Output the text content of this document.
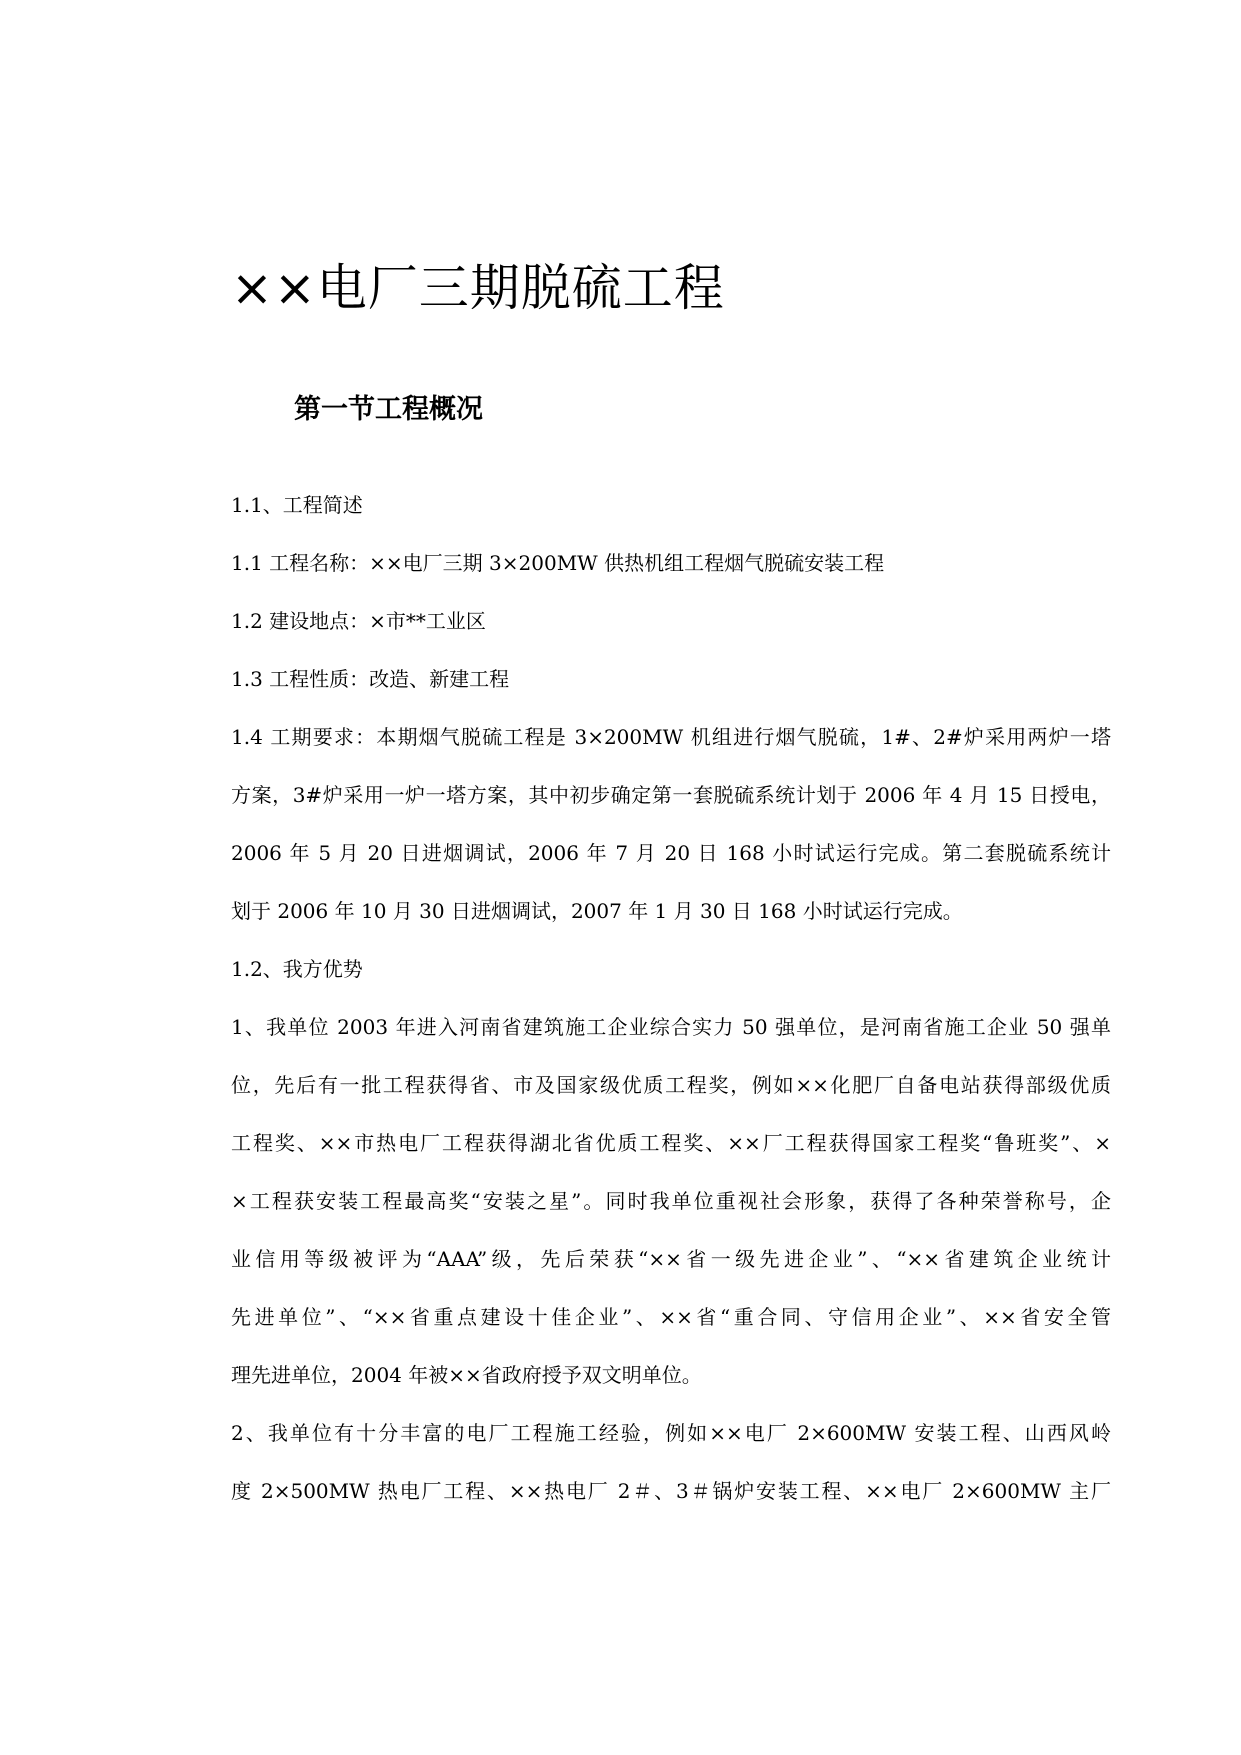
××电厂三期脱硫工程
第一节工程概况
1.1、工程简述
1.1 工程名称：××电厂三期 3×200MW 供热机组工程烟气脱硫安装工程
1.2 建设地点：×市**工业区
1.3 工程性质：改造、新建工程
1.4 工期要求：本期烟气脱硫工程是 3×200MW 机组进行烟气脱硫，1#、2#炉采用两炉一塔
方案，3#炉采用一炉一塔方案，其中初步确定第一套脱硫系统计划于 2006 年 4 月 15 日授电，
2006 年 5 月 20 日进烟调试，2006 年 7 月 20 日 168 小时试运行完成。第二套脱硫系统计
划于 2006 年 10 月 30 日进烟调试，2007 年 1 月 30 日 168 小时试运行完成。
1.2、我方优势
1、我单位 2003 年进入河南省建筑施工企业综合实力 50 强单位，是河南省施工企业 50 强单
位，先后有一批工程获得省、市及国家级优质工程奖，例如××化肥厂自备电站获得部级优质
工程奖、××市热电厂工程获得湖北省优质工程奖、××厂工程获得国家工程奖“鲁班奖”、×
×工程获安装工程最高奖“安装之星”。同时我单位重视社会形象，获得了各种荣誉称号，企
业信用等级被评为“AAA”级，先后荣获“××省一级先进企业”、“××省建筑企业统计
先进单位”、“××省重点建设十佳企业”、××省“重合同、守信用企业”、××省安全管
理先进单位，2004 年被××省政府授予双文明单位。
2、我单位有十分丰富的电厂工程施工经验，例如××电厂 2×600MW 安装工程、山西风岭
度 2×500MW 热电厂工程、××热电厂 2＃、3＃锅炉安装工程、××电厂 2×600MW 主厂
